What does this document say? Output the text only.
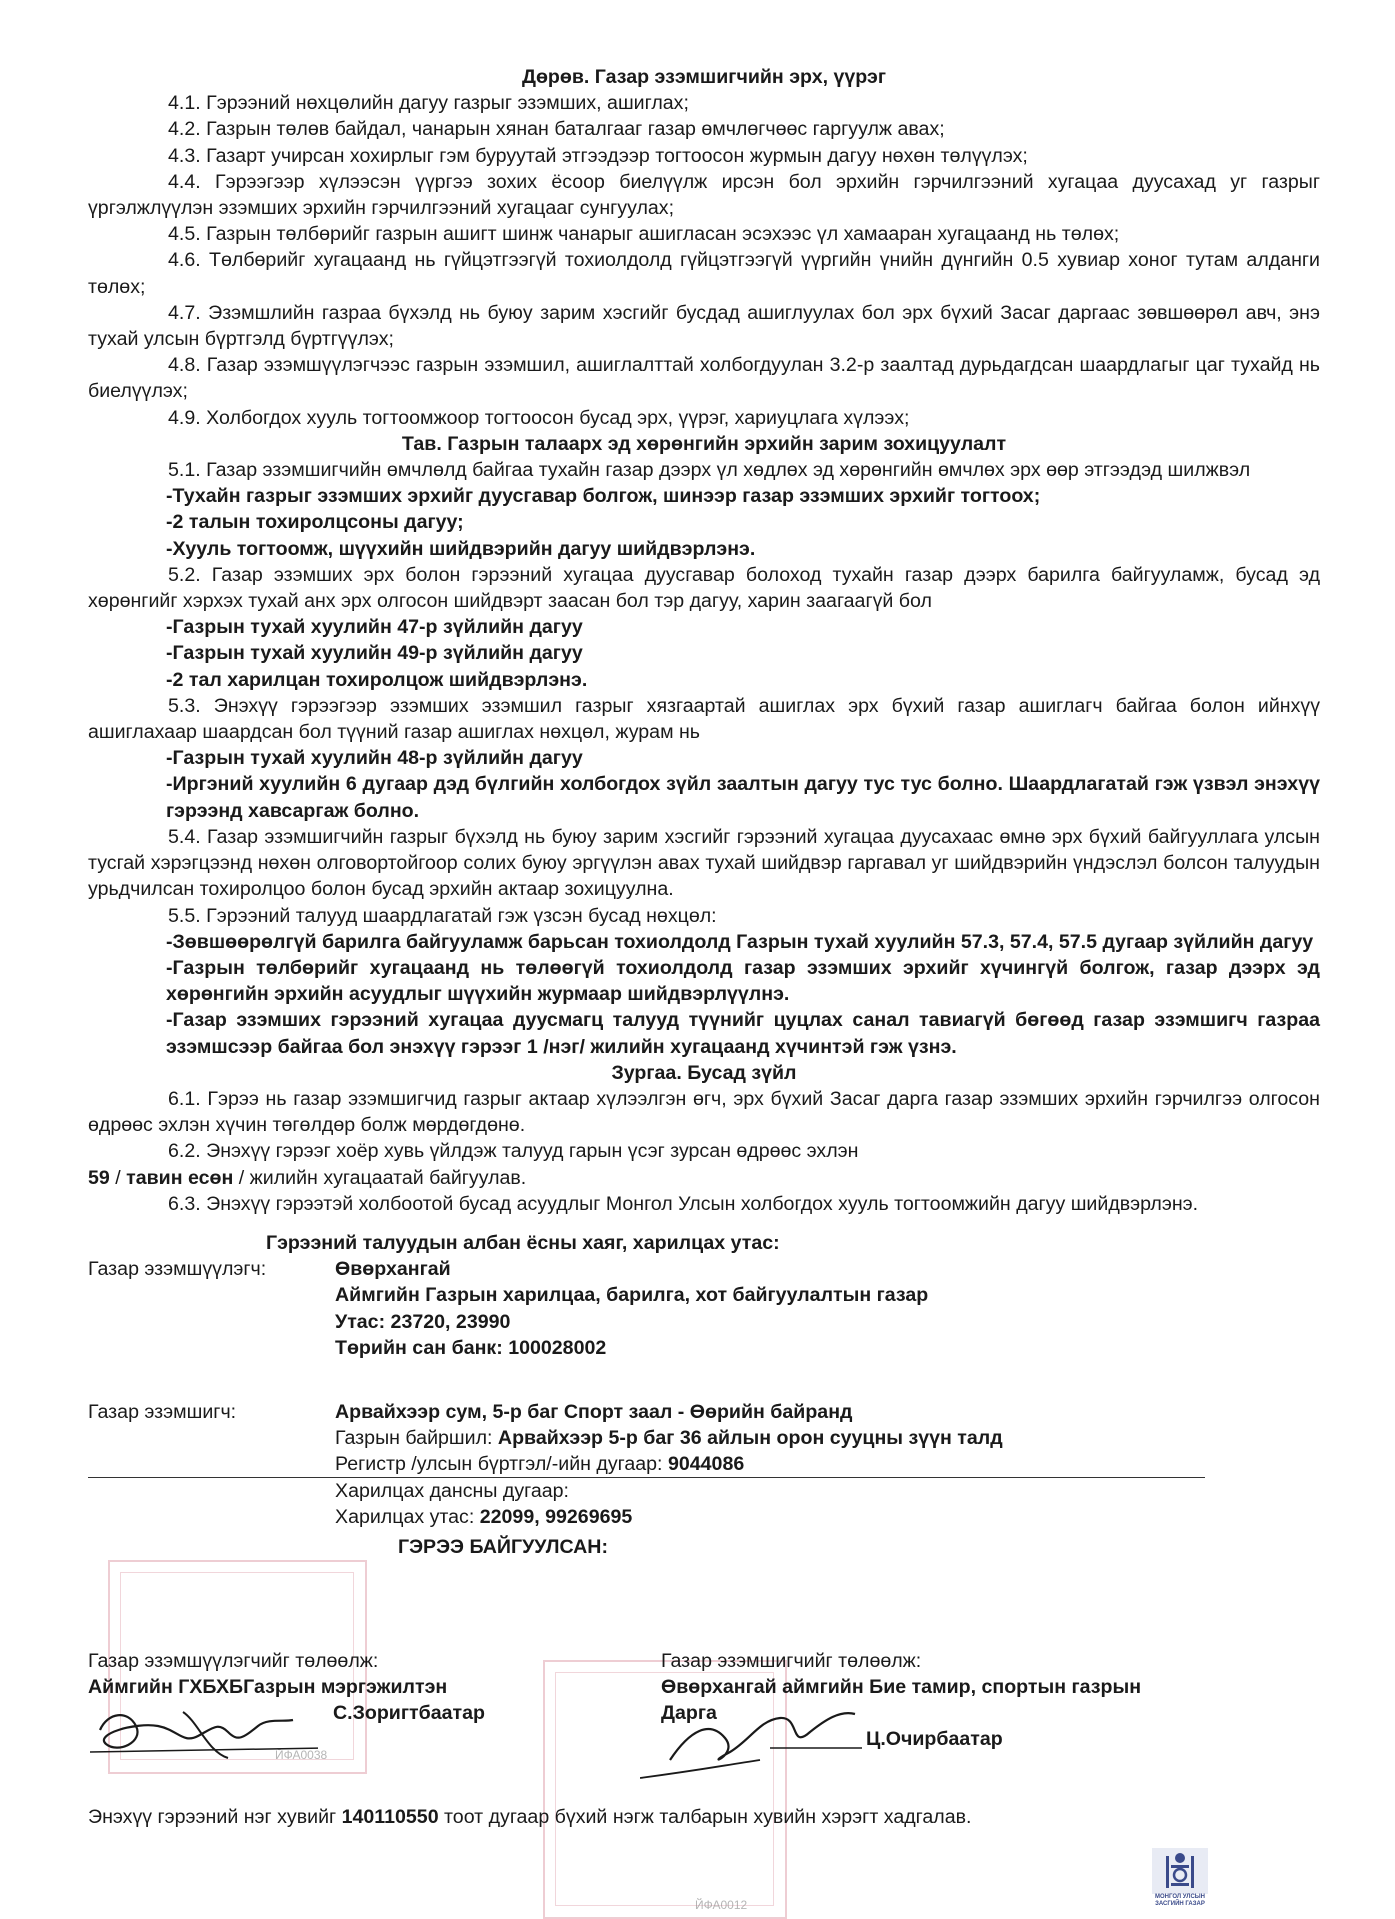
ЙФА0038
ЙФА0012
Дөрөв. Газар эзэмшигчийн эрх, үүрэг
4.1. Гэрээний нөхцөлийн дагуу газрыг эзэмших, ашиглах;
4.2. Газрын төлөв байдал, чанарын хянан баталгааг газар өмчлөгчөөс гаргуулж авах;
4.3. Газарт учирсан хохирлыг гэм буруутай этгээдээр тогтоосон журмын дагуу нөхөн төлүүлэх;
4.4. Гэрээгээр хүлээсэн үүргээ зохих ёсоор биелүүлж ирсэн бол эрхийн гэрчилгээний хугацаа дуусахад уг газрыг үргэлжлүүлэн эзэмших эрхийн гэрчилгээний хугацааг сунгуулах;
4.5. Газрын төлбөрийг газрын ашигт шинж чанарыг ашигласан эсэхээс үл хамааран хугацаанд нь төлөх;
4.6. Төлбөрийг хугацаанд нь гүйцэтгээгүй тохиолдолд гүйцэтгээгүй үүргийн үнийн дүнгийн 0.5 хувиар хоног тутам алданги төлөх;
4.7. Эзэмшлийн газраа бүхэлд нь буюу зарим хэсгийг бусдад ашиглуулах бол эрх бүхий Засаг даргаас зөвшөөрөл авч, энэ тухай улсын бүртгэлд бүртгүүлэх;
4.8. Газар эзэмшүүлэгчээс газрын эзэмшил, ашиглалттай холбогдуулан 3.2-р заалтад дурьдагдсан шаардлагыг цаг тухайд нь биелүүлэх;
4.9. Холбогдох хууль тогтоомжоор тогтоосон бусад эрх, үүрэг, хариуцлага хүлээх;
Тав. Газрын талаарх эд хөрөнгийн эрхийн зарим зохицуулалт
5.1. Газар эзэмшигчийн өмчлөлд байгаа тухайн газар дээрх үл хөдлөх эд хөрөнгийн өмчлөх эрх өөр этгээдэд шилжвэл
-Тухайн газрыг эзэмших эрхийг дуусгавар болгож, шинээр газар эзэмших эрхийг тогтоох;
-2 талын тохиролцсоны дагуу;
-Хууль тогтоомж, шүүхийн шийдвэрийн дагуу шийдвэрлэнэ.
5.2. Газар эзэмших эрх болон гэрээний хугацаа дуусгавар болоход тухайн газар дээрх барилга байгууламж, бусад эд хөрөнгийг хэрхэх тухай анх эрх олгосон шийдвэрт заасан бол тэр дагуу, харин заагаагүй бол
-Газрын тухай хуулийн 47-р зүйлийн дагуу
-Газрын тухай хуулийн 49-р зүйлийн дагуу
-2 тал харилцан тохиролцож шийдвэрлэнэ.
5.3. Энэхүү гэрээгээр эзэмших эзэмшил газрыг хязгаартай ашиглах эрх бүхий газар ашиглагч байгаа болон ийнхүү ашиглахаар шаардсан бол түүний газар ашиглах нөхцөл, журам нь
-Газрын тухай хуулийн 48-р зүйлийн дагуу
-Иргэний хуулийн 6 дугаар дэд бүлгийн холбогдох зүйл заалтын дагуу тус тус болно. Шаардлагатай гэж үзвэл энэхүү гэрээнд хавсаргаж болно.
5.4. Газар эзэмшигчийн газрыг бүхэлд нь буюу зарим хэсгийг гэрээний хугацаа дуусахаас өмнө эрх бүхий байгууллага улсын тусгай хэрэгцээнд нөхөн олговортойгоор солих буюу эргүүлэн авах тухай шийдвэр гаргавал уг шийдвэрийн үндэслэл болсон талуудын урьдчилсан тохиролцоо болон бусад эрхийн актаар зохицуулна.
5.5. Гэрээний талууд шаардлагатай гэж үзсэн бусад нөхцөл:
-Зөвшөөрөлгүй барилга байгууламж барьсан тохиолдолд Газрын тухай хуулийн 57.3, 57.4, 57.5 дугаар зүйлийн дагуу
-Газрын төлбөрийг хугацаанд нь төлөөгүй тохиолдолд газар эзэмших эрхийг хүчингүй болгож, газар дээрх эд хөрөнгийн эрхийн асуудлыг шүүхийн журмаар шийдвэрлүүлнэ.
-Газар эзэмших гэрээний хугацаа дуусмагц талууд түүнийг цуцлах санал тавиагүй бөгөөд газар эзэмшигч газраа эзэмшсээр байгаа бол энэхүү гэрээг 1 /нэг/ жилийн хугацаанд хүчинтэй гэж үзнэ.
Зургаа. Бусад зүйл
6.1. Гэрээ нь газар эзэмшигчид газрыг актаар хүлээлгэн өгч, эрх бүхий Засаг дарга газар эзэмших эрхийн гэрчилгээ олгосон өдрөөс эхлэн хүчин төгөлдөр болж мөрдөгдөнө.
6.2. Энэхүү гэрээг хоёр хувь үйлдэж талууд гарын үсэг зурсан өдрөөс эхлэн
59 / тавин есөн / жилийн хугацаатай байгуулав.
6.3. Энэхүү гэрээтэй холбоотой бусад асуудлыг Монгол Улсын холбогдох хууль тогтоомжийн дагуу шийдвэрлэнэ.
Гэрээний талуудын албан ёсны хаяг, харилцах утас:
Газар эзэмшүүлэгч:	Өвөрхангай
Аймгийн Газрын харилцаа, барилга, хот байгуулалтын газар
Утас: 23720, 23990
Төрийн сан банк: 100028002
Газар эзэмшигч:	Арвайхээр сум, 5-р баг Спорт заал - Өөрийн байранд
Газрын байршил: Арвайхээр 5-р баг 36 айлын орон сууцны зүүн талд
Регистр /улсын бүртгэл/-ийн дугаар: 9044086
Харилцах дансны дугаар:
Харилцах утас: 22099, 99269695
ГЭРЭЭ БАЙГУУЛСАН:
Газар эзэмшүүлэгчийг төлөөлж:
Аймгийн ГХБХБГазрын мэргэжилтэн
С.Зоригтбаатар
Газар эзэмшигчийг төлөөлж:
Өвөрхангай аймгийн Бие тамир, спортын газрын
Дарга
Ц.Очирбаатар
Энэхүү гэрээний нэг хувийг 140110550 тоот дугаар бүхий нэгж талбарын хувийн хэрэгт хадгалав.
МОНГОЛ УЛСЫН ЗАСГИЙН ГАЗАР
